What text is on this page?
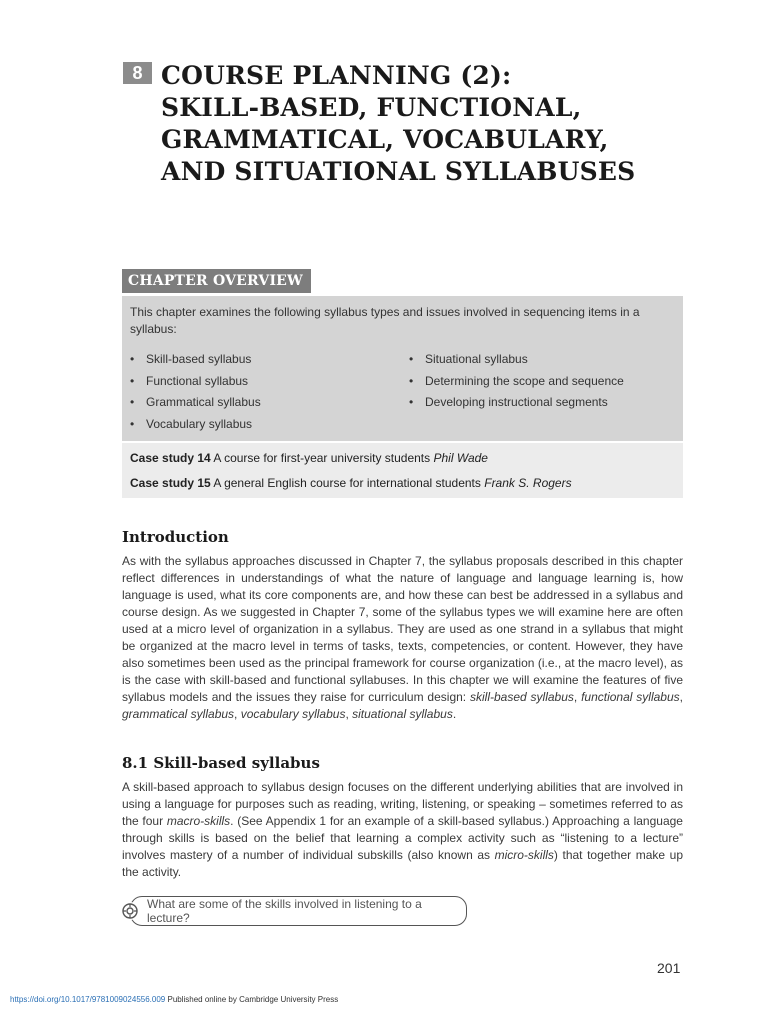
8 COURSE PLANNING (2):
SKILL-BASED, FUNCTIONAL,
GRAMMATICAL, VOCABULARY,
AND SITUATIONAL SYLLABUSES
CHAPTER OVERVIEW

This chapter examines the following syllabus types and issues involved in sequencing items in a syllabus:

• Skill-based syllabus
• Functional syllabus
• Grammatical syllabus
• Vocabulary syllabus
• Situational syllabus
• Determining the scope and sequence
• Developing instructional segments
Case study 14 A course for first-year university students Phil Wade
Case study 15 A general English course for international students Frank S. Rogers
Introduction

As with the syllabus approaches discussed in Chapter 7, the syllabus proposals described in this chapter reflect differences in understandings of what the nature of language and language learning is, how language is used, what its core components are, and how these can best be addressed in a syllabus and course design. As we suggested in Chapter 7, some of the syllabus types we will examine here are often used at a micro level of organization in a syllabus. They are used as one strand in a syllabus that might be organized at the macro level in terms of tasks, texts, competencies, or content. However, they have also sometimes been used as the principal framework for course organization (i.e., at the macro level), as is the case with skill-based and functional syllabuses. In this chapter we will examine the features of five syllabus models and the issues they raise for curriculum design: skill-based syllabus, functional syllabus, grammatical syllabus, vocabulary syllabus, situational syllabus.

8.1 Skill-based syllabus

A skill-based approach to syllabus design focuses on the different underlying abilities that are involved in using a language for purposes such as reading, writing, listening, or speaking – sometimes referred to as the four macro-skills. (See Appendix 1 for an example of a skill-based syllabus.) Approaching a language through skills is based on the belief that learning a complex activity such as “listening to a lecture” involves mastery of a number of individual subskills (also known as micro-skills) that together make up the activity.

What are some of the skills involved in listening to a lecture?
201
https://doi.org/10.1017/9781009024556.009 Published online by Cambridge University Press
